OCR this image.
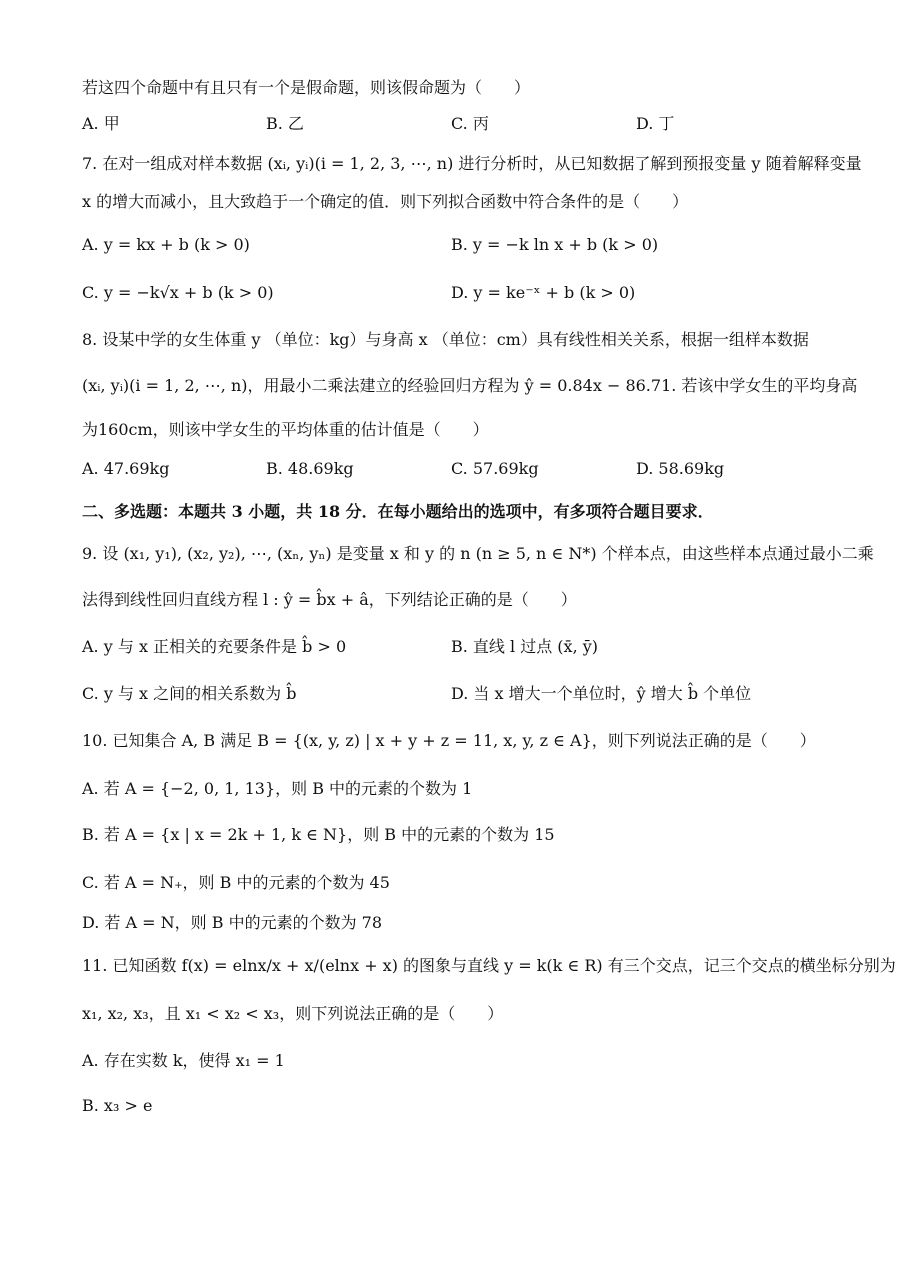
若这四个命题中有且只有一个是假命题，则该假命题为（　　）
A. 甲	B. 乙	C. 丙	D. 丁
7. 在对一组成对样本数据 (xᵢ, yᵢ)(i = 1, 2, 3, ⋯, n) 进行分析时，从已知数据了解到预报变量 y 随着解释变量
x 的增大而减小，且大致趋于一个确定的值．则下列拟合函数中符合条件的是（　　）
A. y = kx + b (k > 0)	B. y = −k ln x + b (k > 0)
C. y = −k√x + b (k > 0)	D. y = ke⁻ˣ + b (k > 0)
8. 设某中学的女生体重 y （单位：kg）与身高 x （单位：cm）具有线性相关关系，根据一组样本数据
(xᵢ, yᵢ)(i = 1, 2, ⋯, n)，用最小二乘法建立的经验回归方程为 ŷ = 0.84x − 86.71. 若该中学女生的平均身高
为160cm，则该中学女生的平均体重的估计值是（　　）
A. 47.69kg	B. 48.69kg	C. 57.69kg	D. 58.69kg
二、多选题：本题共 3 小题，共 18 分．在每小题给出的选项中，有多项符合题目要求．
9. 设 (x₁, y₁), (x₂, y₂), ⋯, (xₙ, yₙ) 是变量 x 和 y 的 n (n ≥ 5, n ∈ N*) 个样本点，由这些样本点通过最小二乘
法得到线性回归直线方程 l : ŷ = b̂x + â，下列结论正确的是（　　）
A. y 与 x 正相关的充要条件是 b̂ > 0	B. 直线 l 过点 (x̄, ȳ)
C. y 与 x 之间的相关系数为 b̂	D. 当 x 增大一个单位时，ŷ 增大 b̂ 个单位
10. 已知集合 A, B 满足 B = {(x, y, z) | x + y + z = 11, x, y, z ∈ A}，则下列说法正确的是（　　）
A. 若 A = {−2, 0, 1, 13}，则 B 中的元素的个数为 1
B. 若 A = {x | x = 2k + 1, k ∈ N}，则 B 中的元素的个数为 15
C. 若 A = N₊，则 B 中的元素的个数为 45
D. 若 A = N，则 B 中的元素的个数为 78
11. 已知函数 f(x) = elnx/x + x/(elnx + x) 的图象与直线 y = k(k ∈ R) 有三个交点，记三个交点的横坐标分别为
x₁, x₂, x₃，且 x₁ < x₂ < x₃，则下列说法正确的是（　　）
A. 存在实数 k，使得 x₁ = 1
B. x₃ > e
